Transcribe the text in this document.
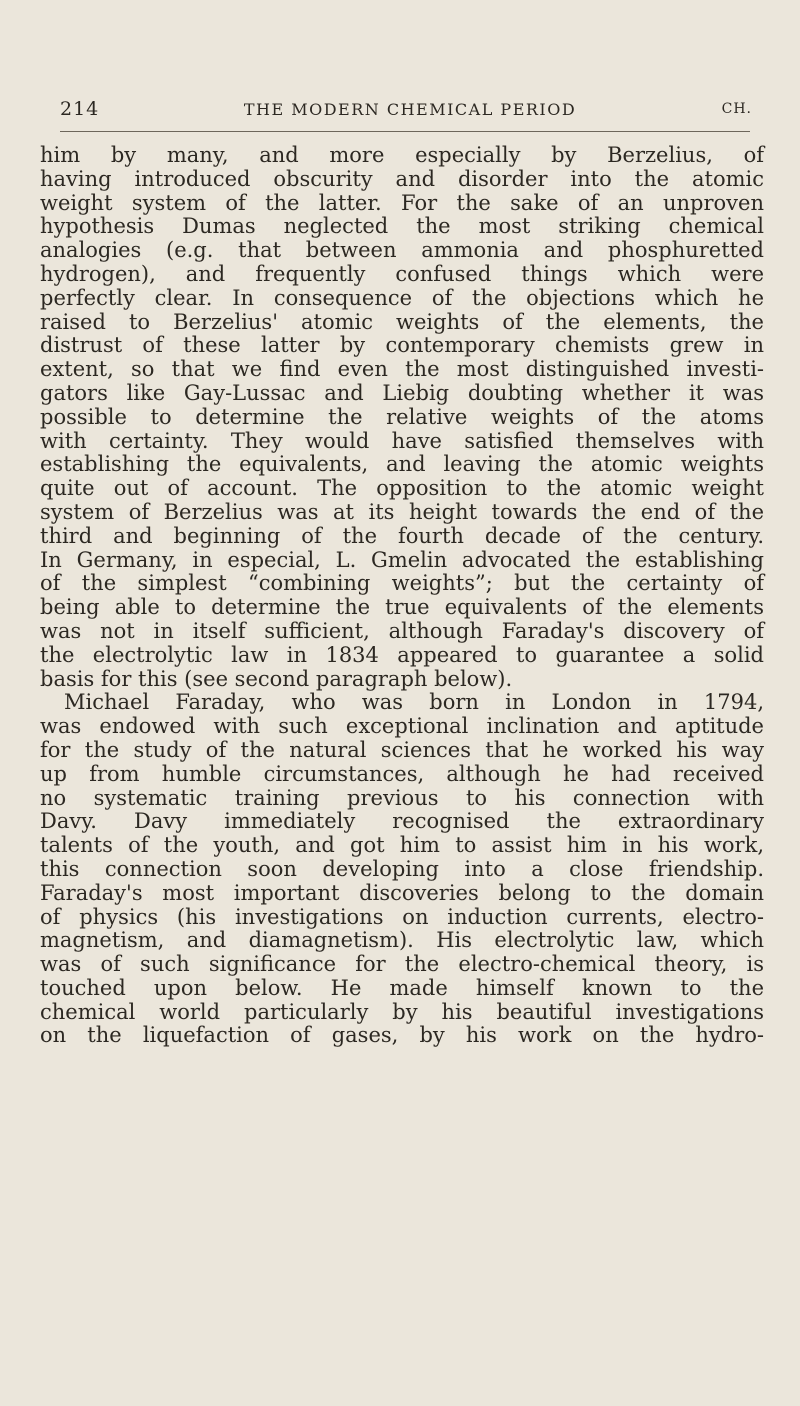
214	THE MODERN CHEMICAL PERIOD	CH.
him by many, and more especially by Berzelius, of
having introduced obscurity and disorder into the atomic
weight system of the latter. For the sake of an unproven
hypothesis Dumas neglected the most striking chemical
analogies (e.g. that between ammonia and phosphuretted
hydrogen), and frequently confused things which were
perfectly clear. In consequence of the objections which he
raised to Berzelius' atomic weights of the elements, the
distrust of these latter by contemporary chemists grew in
extent, so that we find even the most distinguished investi-
gators like Gay-Lussac and Liebig doubting whether it was
possible to determine the relative weights of the atoms
with certainty. They would have satisfied themselves with
establishing the equivalents, and leaving the atomic weights
quite out of account. The opposition to the atomic weight
system of Berzelius was at its height towards the end of the
third and beginning of the fourth decade of the century.
In Germany, in especial, L. Gmelin advocated the establishing
of the simplest “combining weights”; but the certainty of
being able to determine the true equivalents of the elements
was not in itself sufficient, although Faraday's discovery of
the electrolytic law in 1834 appeared to guarantee a solid
basis for this (see second paragraph below).
Michael Faraday, who was born in London in 1794,
was endowed with such exceptional inclination and aptitude
for the study of the natural sciences that he worked his way
up from humble circumstances, although he had received
no systematic training previous to his connection with
Davy. Davy immediately recognised the extraordinary
talents of the youth, and got him to assist him in his work,
this connection soon developing into a close friendship.
Faraday's most important discoveries belong to the domain
of physics (his investigations on induction currents, electro-
magnetism, and diamagnetism). His electrolytic law, which
was of such significance for the electro-chemical theory, is
touched upon below. He made himself known to the
chemical world particularly by his beautiful investigations
on the liquefaction of gases, by his work on the hydro-
